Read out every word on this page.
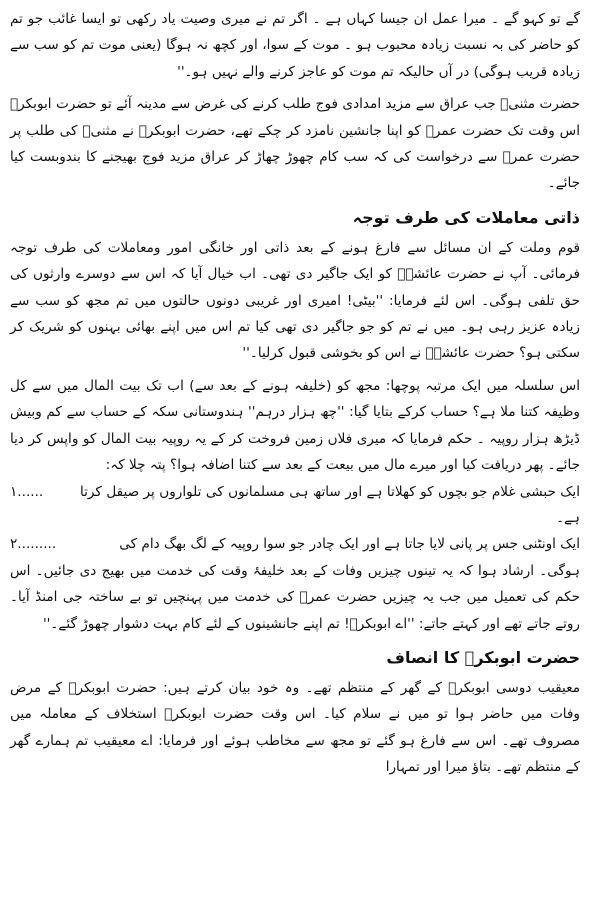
گے تو کہو گے ۔ میرا عمل ان جیسا کہاں ہے ۔ اگر تم نے میری وصیت یاد رکھی تو ایسا غائب جو تم کو حاضر کی بہ نسبت زیادہ محبوب ہو ۔ موت کے سوا، اور کچھ نہ ہوگا (یعنی موت تم کو سب سے زیادہ قریب ہوگی) در آں حالیکہ تم موت کو عاجز کرنے والے نہیں ہو۔''

حضرت مثنیؓ جب عراق سے مزید امدادی فوج طلب کرنے کی غرض سے مدینہ آئے تو حضرت ابوبکرؓ اس وقت تک حضرت عمرؓ کو اپنا جانشین نامزد کر چکے تھے، حضرت ابوبکرؓ نے مثنیؓ کی طلب پر حضرت عمرؓ سے درخواست کی کہ سب کام چھوڑ چھاڑ کر عراق مزید فوج بھیجنے کا بندوبست کیا جائے۔

ذاتی معاملات کی طرف توجہ

قوم وملت کے ان مسائل سے فارغ ہونے کے بعد ذاتی اور خانگی امور ومعاملات کی طرف توجہ فرمائی۔ آپ نے حضرت عائشہؓ کو ایک جاگیر دی تھی۔ اب خیال آیا کہ اس سے دوسرے وارثوں کی حق تلفی ہوگی۔ اس لئے فرمایا: ''بیٹی! امیری اور غریبی دونوں حالتوں میں تم مجھ کو سب سے زیادہ عزیز رہی ہو۔ میں نے تم کو جو جاگیر دی تھی کیا تم اس میں اپنے بھائی بہنوں کو شریک کر سکتی ہو؟ حضرت عائشہؓ نے اس کو بخوشی قبول کرلیا۔''

اس سلسلہ میں ایک مرتبہ پوچھا: مجھ کو (خلیفہ ہونے کے بعد سے) اب تک بیت المال میں سے کل وظیفہ کتنا ملا ہے؟ حساب کرکے بتایا گیا: ''چھ ہزار درہم'' ہندوستانی سکہ کے حساب سے کم وبیش ڈیڑھ ہزار روپیہ ۔ حکم فرمایا کہ میری فلاں زمین فروخت کر کے یہ روپیہ بیت المال کو واپس کر دیا جائے۔ پھر دریافت کیا اور میرے مال میں بیعت کے بعد سے کتنا اضافہ ہوا؟ پتہ چلا کہ:

ایک حبشی غلام جو بچوں کو کھلاتا ہے اور ساتھ ہی مسلمانوں کی تلواروں پر صیقل کرتا ہے۔
۱......
ایک اونٹنی جس پر پانی لایا جاتا ہے اور ایک چادر جو سوا روپیہ کے لگ بھگ دام کی
۲.........

ہوگی۔ ارشاد ہوا کہ یہ تینوں چیزیں وفات کے بعد خلیفۂ وقت کی خدمت میں بھیج دی جائیں۔ اس حکم کی تعمیل میں جب یہ چیزیں حضرت عمرؓ کی خدمت میں پہنچیں تو بے ساختہ جی امنڈ آیا۔ روتے جاتے تھے اور کہتے جاتے: ''اے ابوبکرؓ! تم اپنے جانشینوں کے لئے کام بہت دشوار چھوڑ گئے۔''

حضرت ابوبکرؓ کا انصاف

معیقیب دوسی ابوبکرؓ کے گھر کے منتظم تھے۔ وہ خود بیان کرتے ہیں: حضرت ابوبکرؓ کے مرض وفات میں حاضر ہوا تو میں نے سلام کیا۔ اس وقت حضرت ابوبکرؓ استخلاف کے معاملہ میں مصروف تھے۔ اس سے فارغ ہو گئے تو مجھ سے مخاطب ہوئے اور فرمایا: اے معیقیب تم ہمارے گھر کے منتظم تھے۔ بتاؤ میرا اور تمہارا
